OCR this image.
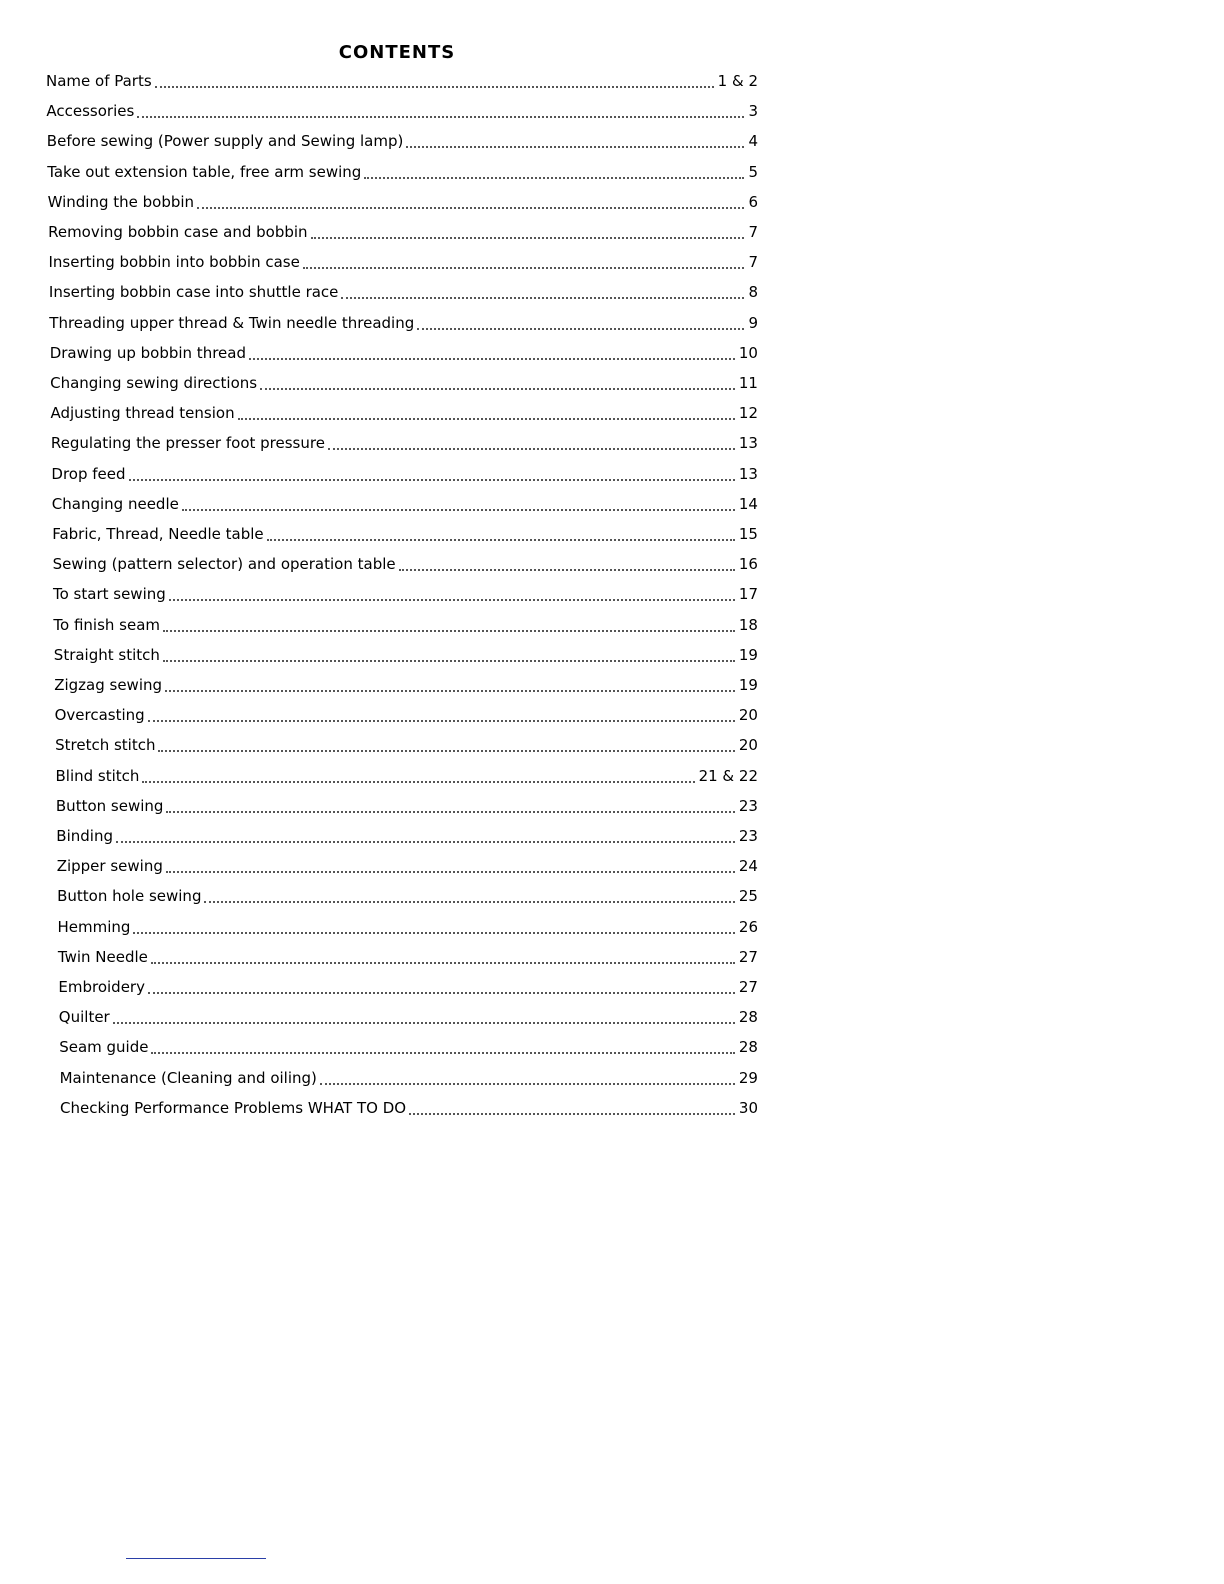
CONTENTS
Name of Parts	1 & 2
Accessories	3
Before sewing (Power supply and Sewing lamp)	4
Take out extension table, free arm sewing	5
Winding the bobbin	6
Removing bobbin case and bobbin	7
Inserting bobbin into bobbin case	7
Inserting bobbin case into shuttle race	8
Threading upper thread & Twin needle threading	9
Drawing up bobbin thread	10
Changing sewing directions	11
Adjusting thread tension	12
Regulating the presser foot pressure	13
Drop feed	13
Changing needle	14
Fabric, Thread, Needle table	15
Sewing (pattern selector) and operation table	16
To start sewing	17
To finish seam	18
Straight stitch	19
Zigzag sewing	19
Overcasting	20
Stretch stitch	20
Blind stitch	21 & 22
Button sewing	23
Binding	23
Zipper sewing	24
Button hole sewing	25
Hemming	26
Twin Needle	27
Embroidery	27
Quilter	28
Seam guide	28
Maintenance (Cleaning and oiling)	29
Checking Performance Problems WHAT TO DO	30
